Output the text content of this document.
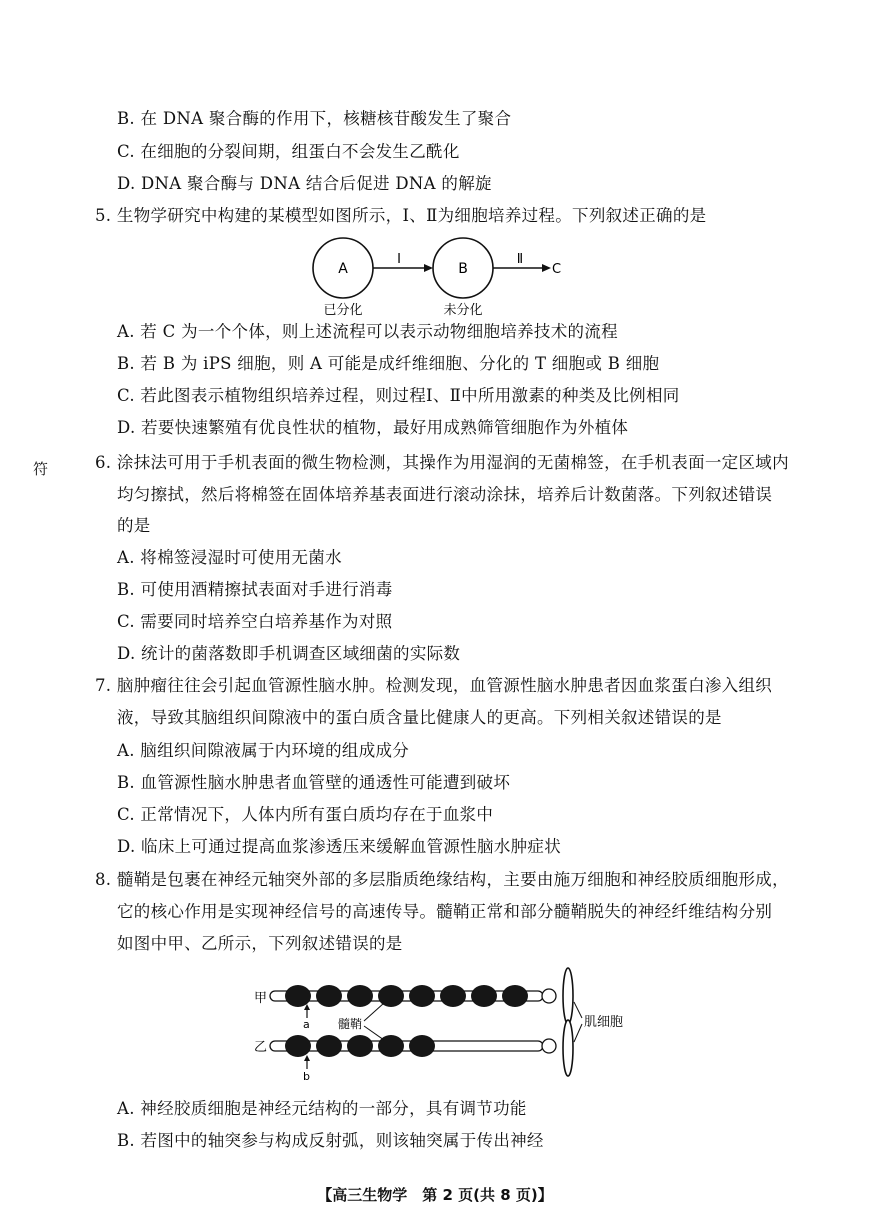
B. 在 DNA 聚合酶的作用下，核糖核苷酸发生了聚合
C. 在细胞的分裂间期，组蛋白不会发生乙酰化
D. DNA 聚合酶与 DNA 结合后促进 DNA 的解旋
5. 生物学研究中构建的某模型如图所示，Ⅰ、Ⅱ为细胞培养过程。下列叙述正确的是
A
Ⅰ
B
Ⅱ
C
已分化	未分化
A. 若 C 为一个个体，则上述流程可以表示动物细胞培养技术的流程
B. 若 B 为 iPS 细胞，则 A 可能是成纤维细胞、分化的 T 细胞或 B 细胞
C. 若此图表示植物组织培养过程，则过程Ⅰ、Ⅱ中所用激素的种类及比例相同
D. 若要快速繁殖有优良性状的植物，最好用成熟筛管细胞作为外植体
符	6. 涂抹法可用于手机表面的微生物检测，其操作为用湿润的无菌棉签，在手机表面一定区域内
均匀擦拭，然后将棉签在固体培养基表面进行滚动涂抹，培养后计数菌落。下列叙述错误
的是
A. 将棉签浸湿时可使用无菌水
B. 可使用酒精擦拭表面对手进行消毒
C. 需要同时培养空白培养基作为对照
D. 统计的菌落数即手机调查区域细菌的实际数
7. 脑肿瘤往往会引起血管源性脑水肿。检测发现，血管源性脑水肿患者因血浆蛋白渗入组织
液，导致其脑组织间隙液中的蛋白质含量比健康人的更高。下列相关叙述错误的是
A. 脑组织间隙液属于内环境的组成成分
B. 血管源性脑水肿患者血管壁的通透性可能遭到破坏
C. 正常情况下，人体内所有蛋白质均存在于血浆中
D. 临床上可通过提高血浆渗透压来缓解血管源性脑水肿症状
8. 髓鞘是包裹在神经元轴突外部的多层脂质绝缘结构，主要由施万细胞和神经胶质细胞形成，
它的核心作用是实现神经信号的高速传导。髓鞘正常和部分髓鞘脱失的神经纤维结构分别
如图中甲、乙所示，下列叙述错误的是
甲
乙
a
b
髓鞘	肌细胞
A. 神经胶质细胞是神经元结构的一部分，具有调节功能
B. 若图中的轴突参与构成反射弧，则该轴突属于传出神经
【高三生物学　第 2 页(共 8 页)】
